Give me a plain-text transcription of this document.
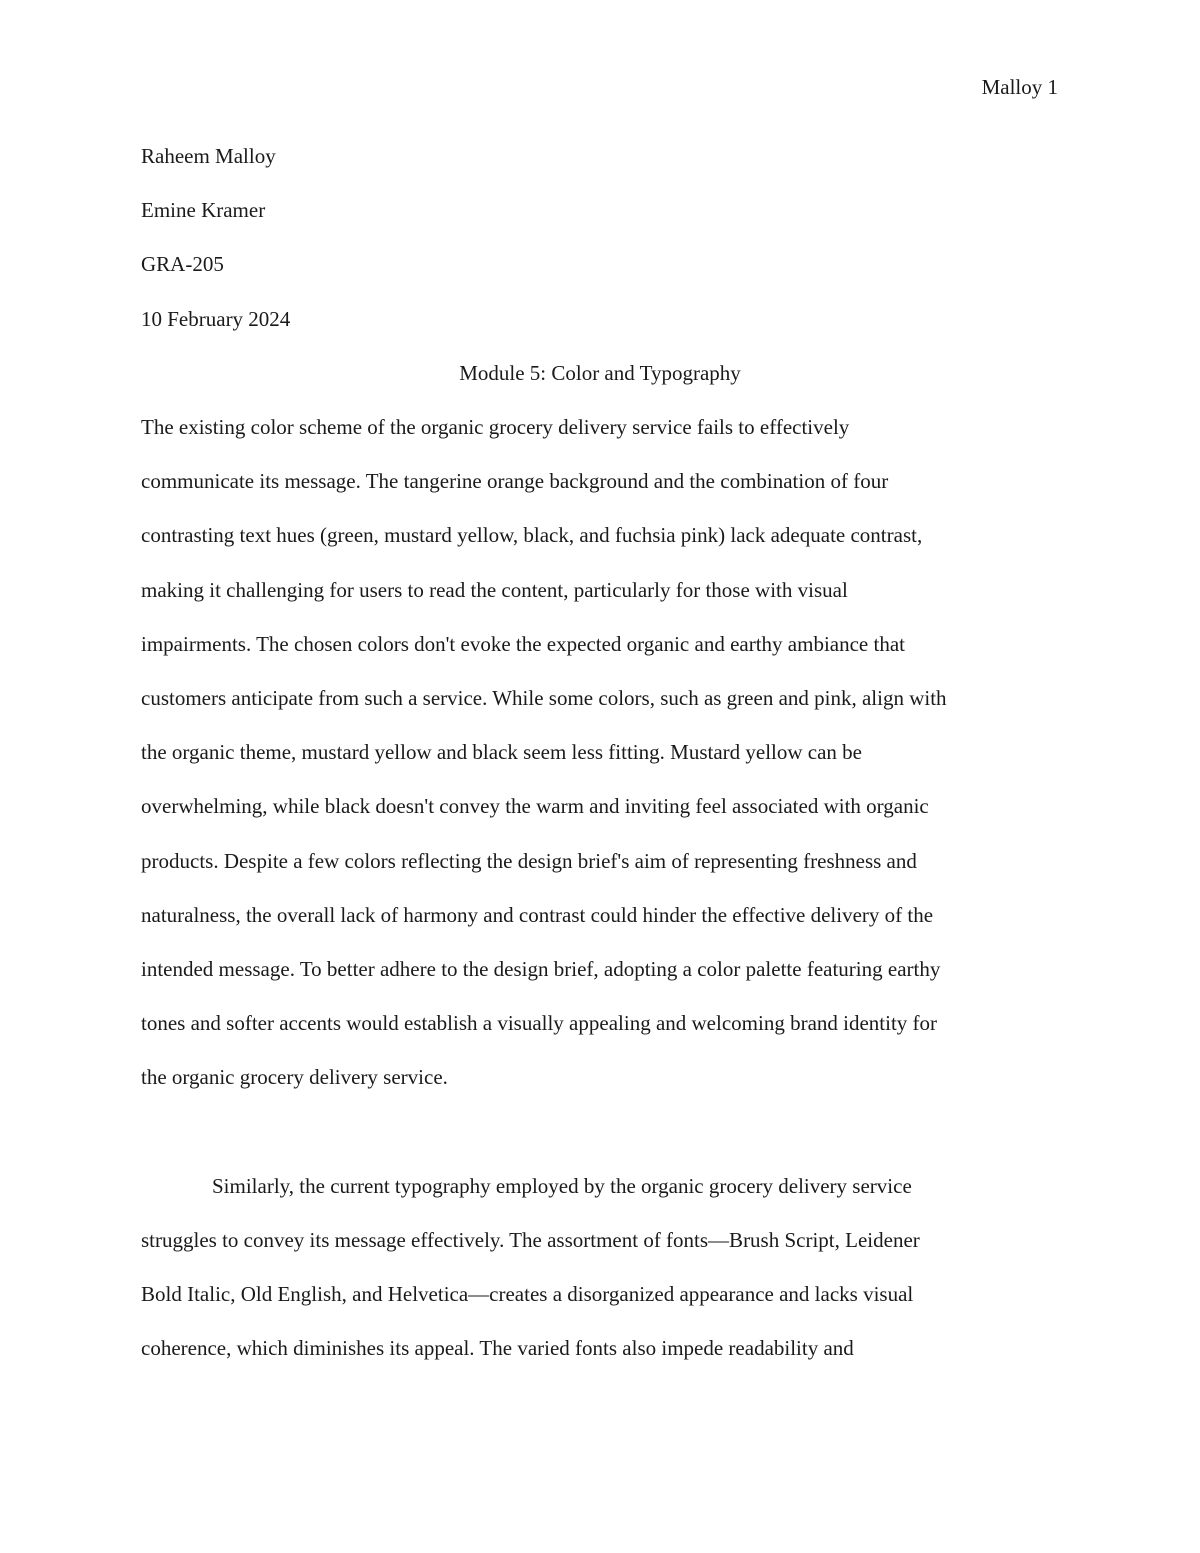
Malloy 1

Raheem Malloy

Emine Kramer

GRA-205

10 February 2024

Module 5: Color and Typography

The existing color scheme of the organic grocery delivery service fails to effectively
communicate its message. The tangerine orange background and the combination of four
contrasting text hues (green, mustard yellow, black, and fuchsia pink) lack adequate contrast,
making it challenging for users to read the content, particularly for those with visual
impairments. The chosen colors don't evoke the expected organic and earthy ambiance that
customers anticipate from such a service. While some colors, such as green and pink, align with
the organic theme, mustard yellow and black seem less fitting. Mustard yellow can be
overwhelming, while black doesn't convey the warm and inviting feel associated with organic
products. Despite a few colors reflecting the design brief's aim of representing freshness and
naturalness, the overall lack of harmony and contrast could hinder the effective delivery of the
intended message. To better adhere to the design brief, adopting a color palette featuring earthy
tones and softer accents would establish a visually appealing and welcoming brand identity for
the organic grocery delivery service.
Similarly, the current typography employed by the organic grocery delivery service
struggles to convey its message effectively. The assortment of fonts—Brush Script, Leidener
Bold Italic, Old English, and Helvetica—creates a disorganized appearance and lacks visual
coherence, which diminishes its appeal. The varied fonts also impede readability and
